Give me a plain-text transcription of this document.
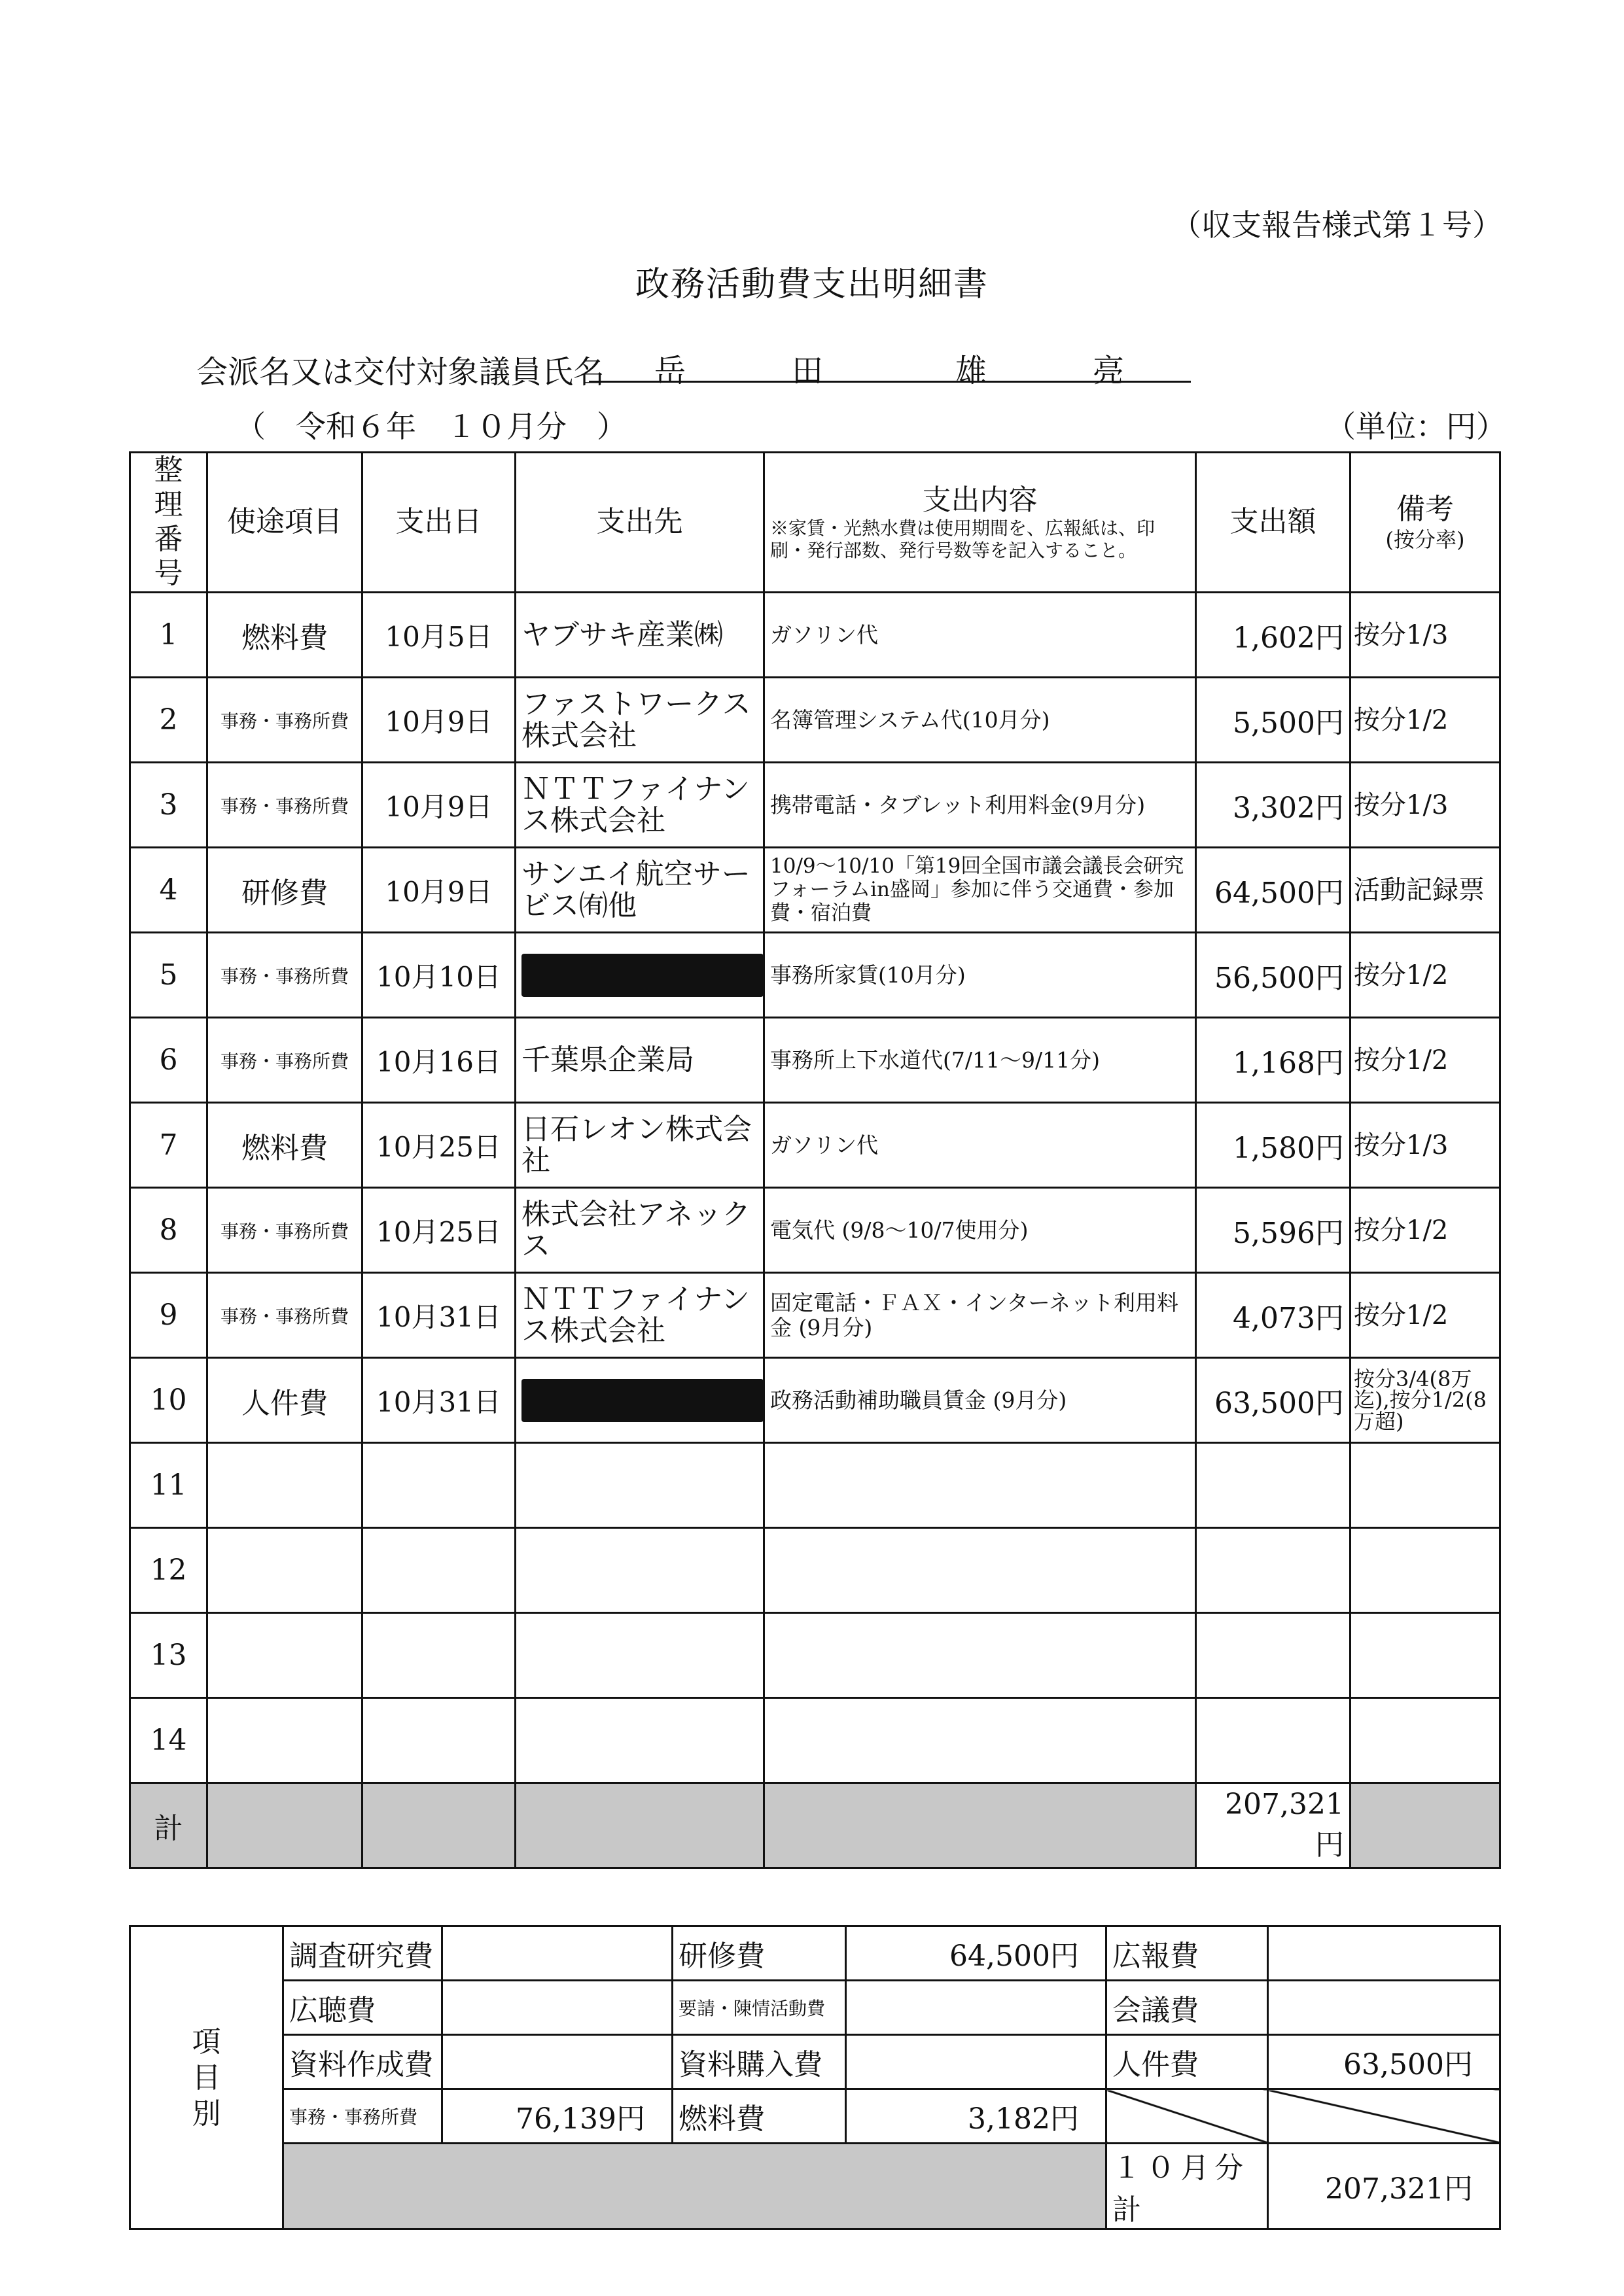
（収支報告様式第１号）
政務活動費支出明細書
会派名又は交付対象議員氏名 岳	田	雄	亮
（　令和６年　１０月分　）	（単位：円）
整理番号	使途項目	支出日	支出先	支出内容
※家賃・光熱水費は使用期間を、広報紙は、印刷・発行部数、発行号数等を記入すること。	支出額	備考
(按分率)

1	燃料費	10月5日	ヤブサキ産業㈱	ガソリン代	1,602円	按分1/3
2	事務・事務所費	10月9日	ファストワークス株式会社	名簿管理システム代(10月分)	5,500円	按分1/2
3	事務・事務所費	10月9日	ＮＴＴファイナンス株式会社	携帯電話・タブレット利用料金(9月分)	3,302円	按分1/3
4	研修費	10月9日	サンエイ航空サービス㈲他	10/9～10/10「第19回全国市議会議長会研究フォーラムin盛岡」参加に伴う交通費・参加費・宿泊費	64,500円	活動記録票
5	事務・事務所費	10月10日		事務所家賃(10月分)	56,500円	按分1/2
6	事務・事務所費	10月16日	千葉県企業局	事務所上下水道代(7/11～9/11分)	1,168円	按分1/2
7	燃料費	10月25日	日石レオン株式会社	ガソリン代	1,580円	按分1/3
8	事務・事務所費	10月25日	株式会社アネックス	電気代 (9/8～10/7使用分)	5,596円	按分1/2
9	事務・事務所費	10月31日	ＮＴＴファイナンス株式会社	固定電話・ＦＡＸ・インターネット利用料金 (9月分)	4,073円	按分1/2
10	人件費	10月31日		政務活動補助職員賃金 (9月分)	63,500円	按分3/4(8万迄),按分1/2(8万超)
11						
12						
13						
14						
計					207,321円	
項目別	調査研究費		研修費	64,500円	広報費	
	広聴費		要請・陳情活動費		会議費	
	資料作成費		資料購入費		人件費	63,500円
	事務・事務所費	76,139円	燃料費	3,182円		
					１０月分計	207,321円
